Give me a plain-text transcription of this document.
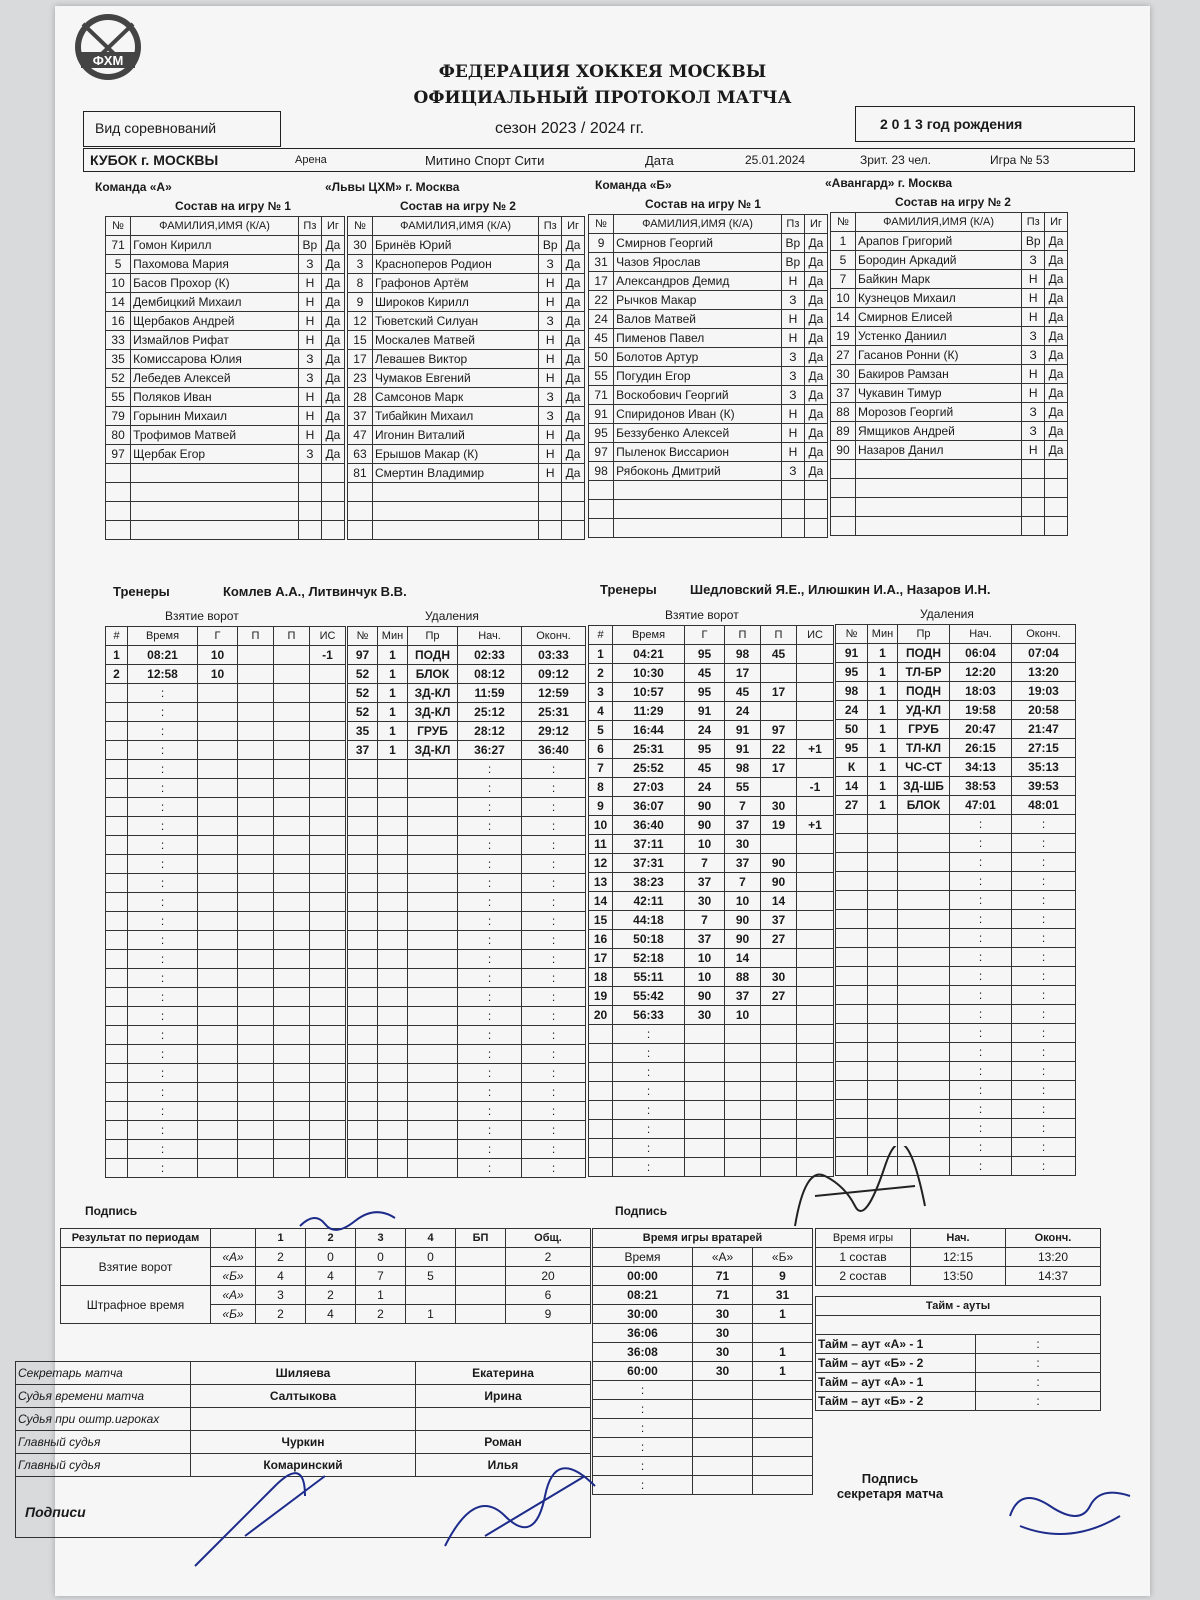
ФХМ
ФЕДЕРАЦИЯ ХОККЕЯ МОСКВЫ
ОФИЦИАЛЬНЫЙ ПРОТОКОЛ МАТЧА
Вид соревнований	сезон 2023 / 2024 гг.	2 0 1 3 год рождения
КУБОК г. МОСКВЫ	Арена	Митино Спорт Сити	Дата	25.01.2024	Зрит. 23 чел.	Игра № 53
Команда «А»	«Львы ЦХМ» г. Москва	Команда «Б»	«Авангард» г. Москва
Состав на игру № 1	Состав на игру № 2	Состав на игру № 1	Состав на игру № 2
№	ФАМИЛИЯ,ИМЯ (К/А)	Пз	Иг
71	Гомон Кирилл	Вр	Да
5	Пахомова Мария	З	Да
10	Басов Прохор (К)	Н	Да
14	Дембицкий Михаил	Н	Да
16	Щербаков Андрей	Н	Да
33	Измайлов Рифат	Н	Да
35	Комиссарова Юлия	З	Да
52	Лебедев Алексей	З	Да
55	Поляков Иван	Н	Да
79	Горынин Михаил	Н	Да
80	Трофимов Матвей	Н	Да
97	Щербак Егор	З	Да

№	ФАМИЛИЯ,ИМЯ (К/А)	Пз	Иг
30	Бринёв Юрий	Вр	Да
3	Красноперов Родион	З	Да
8	Графонов Артём	Н	Да
9	Широков Кирилл	Н	Да
12	Тюветский Силуан	З	Да
15	Москалев Матвей	Н	Да
17	Левашев Виктор	Н	Да
23	Чумаков Евгений	Н	Да
28	Самсонов Марк	З	Да
37	Тибайкин Михаил	З	Да
47	Игонин Виталий	Н	Да
63	Ерышов Макар (К)	Н	Да
81	Смертин Владимир	Н	Да

№	ФАМИЛИЯ,ИМЯ (К/А)	Пз	Иг
9	Смирнов Георгий	Вр	Да
31	Чазов Ярослав	Вр	Да
17	Александров Демид	Н	Да
22	Рычков Макар	З	Да
24	Валов Матвей	Н	Да
45	Пименов Павел	Н	Да
50	Болотов Артур	З	Да
55	Погудин Егор	З	Да
71	Воскобович Георгий	З	Да
91	Спиридонов Иван (К)	Н	Да
95	Беззубенко Алексей	Н	Да
97	Пыленок Виссарион	Н	Да
98	Рябоконь Дмитрий	З	Да

№	ФАМИЛИЯ,ИМЯ (К/А)	Пз	Иг
1	Арапов Григорий	Вр	Да
5	Бородин Аркадий	З	Да
7	Байкин Марк	Н	Да
10	Кузнецов Михаил	Н	Да
14	Смирнов Елисей	Н	Да
19	Устенко Даниил	З	Да
27	Гасанов Ронни (К)	З	Да
30	Бакиров Рамзан	Н	Да
37	Чукавин Тимур	Н	Да
88	Морозов Георгий	З	Да
89	Ямщиков Андрей	З	Да
90	Назаров Данил	Н	Да

Тренеры	Комлев А.А., Литвинчук В.В.	Тренеры	Шедловский Я.Е., Илюшкин И.А., Назаров И.Н.
Взятие ворот	Удаления	Взятие ворот	Удаления
#	Время	Г	П	П	ИС
1	08:21	10			-1
2	12:58	10			
	:				
	:				
	:				
	:				
	:				
	:				
	:				
	:				
	:				
	:				
	:				
	:				
	:				
	:				
	:				
	:				
	:				
	:				
	:				
	:				
	:				
	:				
	:				
	:				
	:				
	:				
№	Мин	Пр	Нач.	Оконч.
97	1	ПОДН	02:33	03:33
52	1	БЛОК	08:12	09:12
52	1	ЗД-КЛ	11:59	12:59
52	1	ЗД-КЛ	25:12	25:31
35	1	ГРУБ	28:12	29:12
37	1	ЗД-КЛ	36:27	36:40
			:	:
			:	:
			:	:
			:	:
			:	:
			:	:
			:	:
			:	:
			:	:
			:	:
			:	:
			:	:
			:	:
			:	:
			:	:
			:	:
			:	:
			:	:
			:	:
			:	:
			:	:
			:	:
#	Время	Г	П	П	ИС
1	04:21	95	98	45	
2	10:30	45	17		
3	10:57	95	45	17	
4	11:29	91	24		
5	16:44	24	91	97	
6	25:31	95	91	22	+1
7	25:52	45	98	17	
8	27:03	24	55		-1
9	36:07	90	7	30	
10	36:40	90	37	19	+1
11	37:11	10	30		
12	37:31	7	37	90	
13	38:23	37	7	90	
14	42:11	30	10	14	
15	44:18	7	90	37	
16	50:18	37	90	27	
17	52:18	10	14		
18	55:11	10	88	30	
19	55:42	90	37	27	
20	56:33	30	10		
	:				
	:				
	:				
	:				
	:				
	:				
	:				
	:				
№	Мин	Пр	Нач.	Оконч.
91	1	ПОДН	06:04	07:04
95	1	ТЛ-БР	12:20	13:20
98	1	ПОДН	18:03	19:03
24	1	УД-КЛ	19:58	20:58
50	1	ГРУБ	20:47	21:47
95	1	ТЛ-КЛ	26:15	27:15
К	1	ЧС-СТ	34:13	35:13
14	1	ЗД-ШБ	38:53	39:53
27	1	БЛОК	47:01	48:01
			:	:
			:	:
			:	:
			:	:
			:	:
			:	:
			:	:
			:	:
			:	:
			:	:
			:	:
			:	:
			:	:
			:	:
			:	:
			:	:
			:	:
			:	:
			:	:
Подпись	Подпись
Результат по периодам		1	2	3	4	БП	Общ.
Взятие ворот	«А»	2	0	0	0		2
	«Б»	4	4	7	5		20
Штрафное время	«А»	3	2	1			6
	«Б»	2	4	2	1		9
Время игры вратарей		
Время	«А»	«Б»
00:00	71	9
08:21	71	31
30:00	30	1
36:06	30	
36:08	30	1
60:00	30	1
:		
:		
:		
:		
:		
:		
Время игры	Нач.	Оконч.
1 состав	12:15	13:20
2 состав	13:50	14:37
Тайм - ауты	

Тайм – аут «А» - 1	:
Тайм – аут «Б» - 2	:
Тайм – аут «А» - 1	:
Тайм – аут «Б» - 2	:
Секретарь матча	Шиляева	Екатерина
Судья времени матча	Салтыкова	Ирина
Судья при оштр.игроках		
Главный судья	Чуркин	Роман
Главный судья	Комаринский	Илья

Подписи
Подпись секретаря матча
